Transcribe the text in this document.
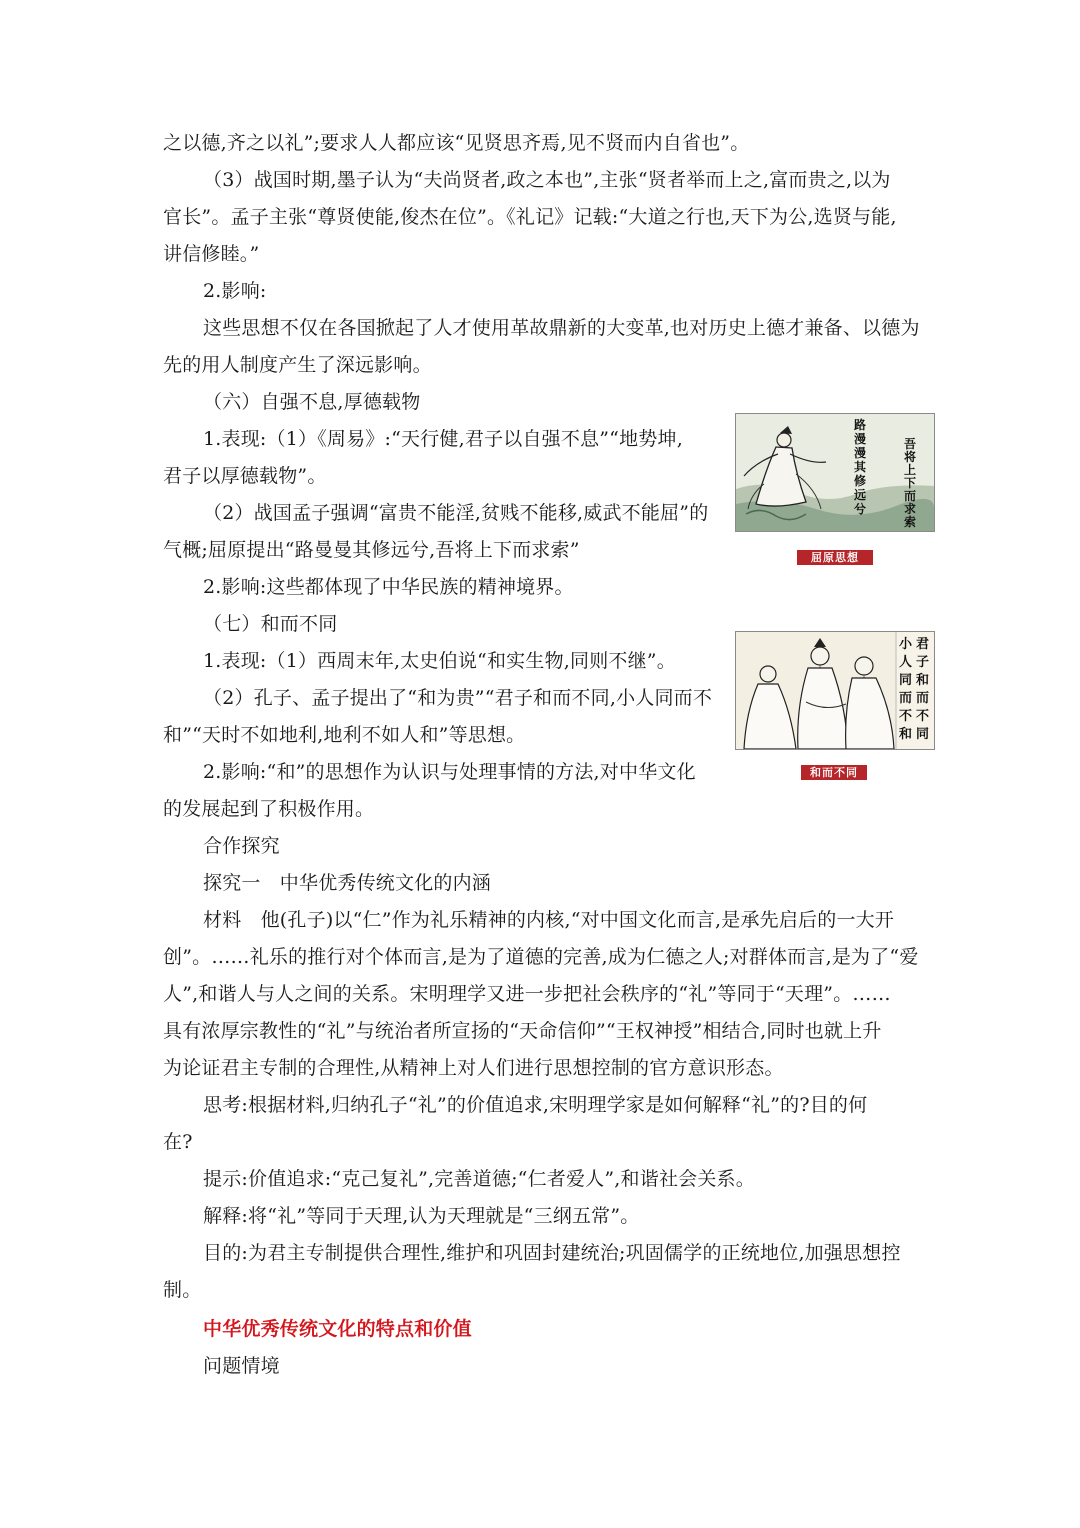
之以德,齐之以礼”;要求人人都应该“见贤思齐焉,见不贤而内自省也”。
（3）战国时期,墨子认为“夫尚贤者,政之本也”,主张“贤者举而上之,富而贵之,以为
官长”。孟子主张“尊贤使能,俊杰在位”。《礼记》记载:“大道之行也,天下为公,选贤与能,
讲信修睦。”
2.影响:
这些思想不仅在各国掀起了人才使用革故鼎新的大变革,也对历史上德才兼备、以德为
先的用人制度产生了深远影响。
（六）自强不息,厚德载物
1.表现:（1）《周易》:“天行健,君子以自强不息”“地势坤,
君子以厚德载物”。
（2）战国孟子强调“富贵不能淫,贫贱不能移,威武不能屈”的
气概;屈原提出“路曼曼其修远兮,吾将上下而求索”
2.影响:这些都体现了中华民族的精神境界。
（七）和而不同
1.表现:（1）西周末年,太史伯说“和实生物,同则不继”。
（2）孔子、孟子提出了“和为贵”“君子和而不同,小人同而不
和”“天时不如地利,地利不如人和”等思想。
2.影响:“和”的思想作为认识与处理事情的方法,对中华文化
的发展起到了积极作用。
合作探究
探究一　中华优秀传统文化的内涵
材料　他(孔子)以“仁”作为礼乐精神的内核,“对中国文化而言,是承先启后的一大开
创”。……礼乐的推行对个体而言,是为了道德的完善,成为仁德之人;对群体而言,是为了“爱
人”,和谐人与人之间的关系。宋明理学又进一步把社会秩序的“礼”等同于“天理”。……
具有浓厚宗教性的“礼”与统治者所宣扬的“天命信仰”“王权神授”相结合,同时也就上升
为论证君主专制的合理性,从精神上对人们进行思想控制的官方意识形态。
思考:根据材料,归纳孔子“礼”的价值追求,宋明理学家是如何解释“礼”的?目的何
在?
提示:价值追求:“克己复礼”,完善道德;“仁者爱人”,和谐社会关系。
解释:将“礼”等同于天理,认为天理就是“三纲五常”。
目的:为君主专制提供合理性,维护和巩固封建统治;巩固儒学的正统地位,加强思想控
制。
中华优秀传统文化的特点和价值
问题情境
路漫漫其修远兮
吾将上下而求索
屈原思想
君子和而不同
小人同而不和
和而不同
